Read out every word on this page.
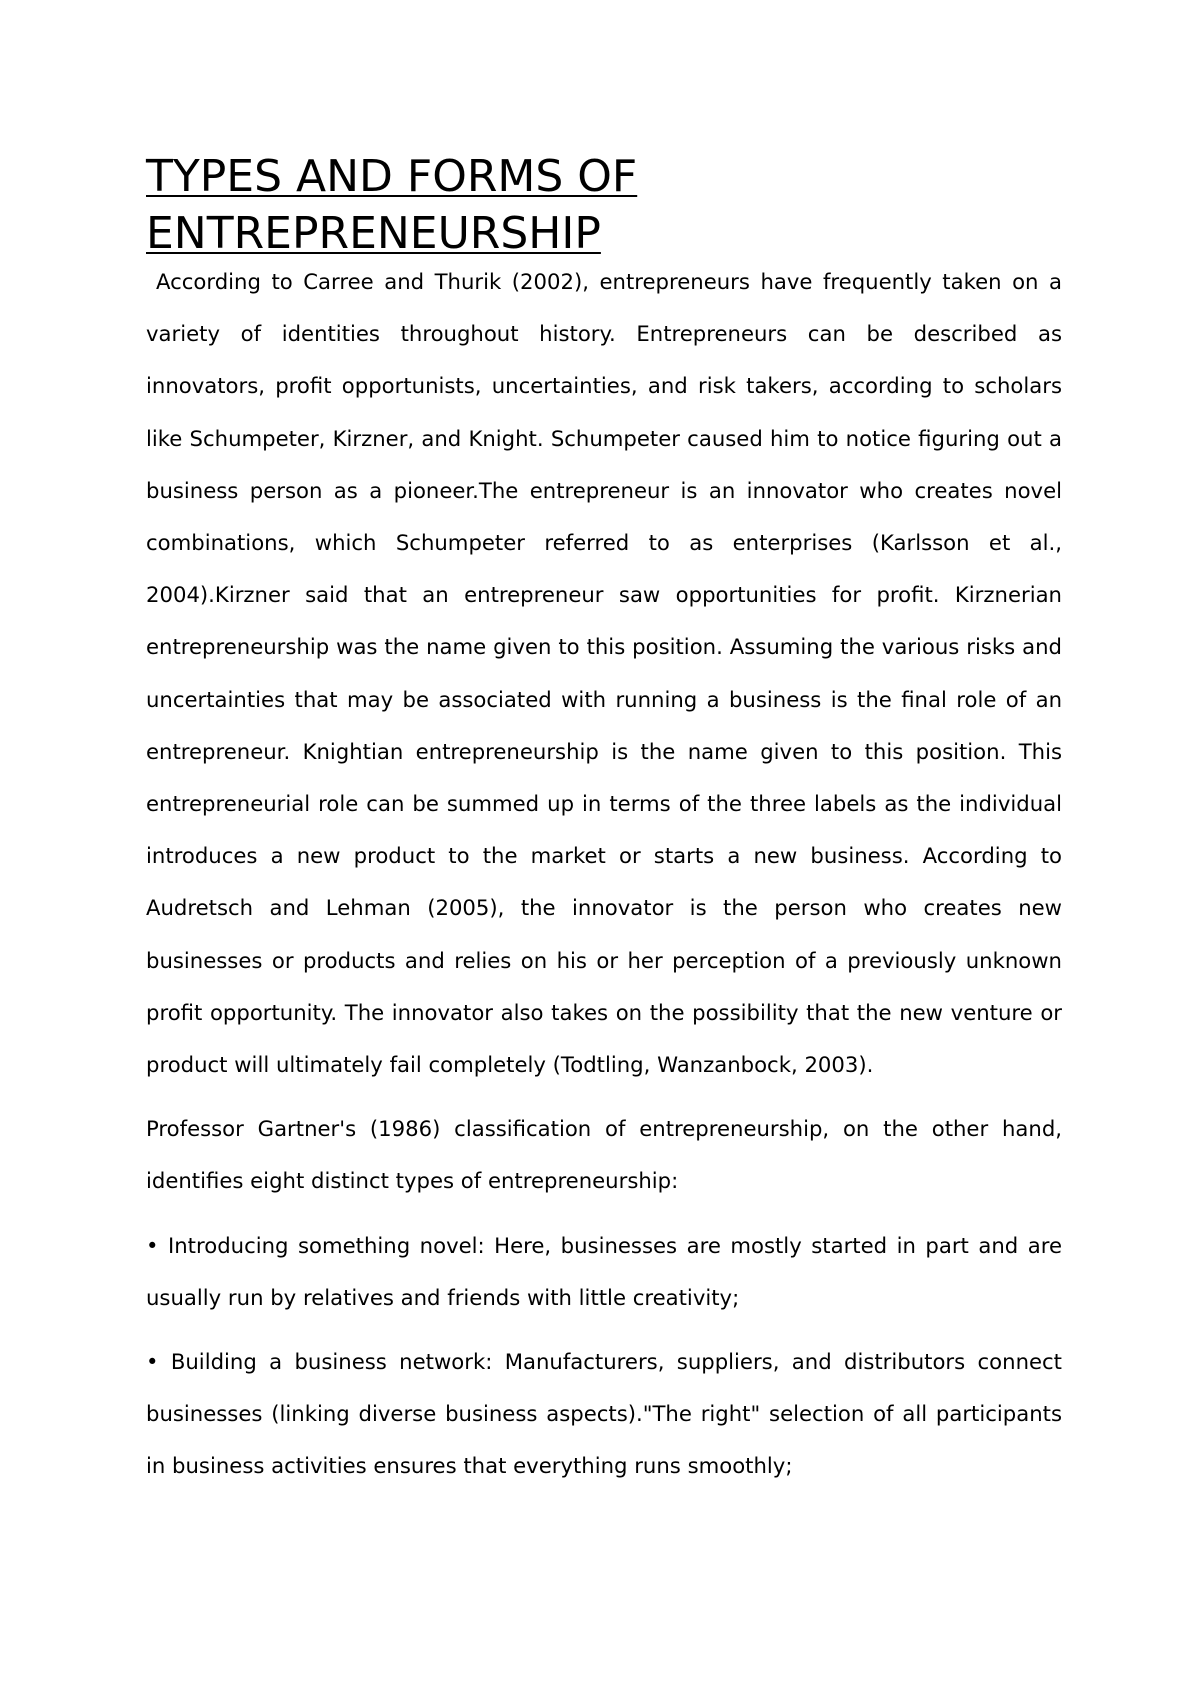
TYPES AND FORMS OF
ENTREPRENEURSHIP

According to Carree and Thurik (2002), entrepreneurs have frequently taken on a variety of identities throughout history. Entrepreneurs can be described as innovators, profit opportunists, uncertainties, and risk takers, according to scholars like Schumpeter, Kirzner, and Knight. Schumpeter caused him to notice figuring out a business person as a pioneer.The entrepreneur is an innovator who creates novel combinations, which Schumpeter referred to as enterprises (Karlsson et al., 2004).Kirzner said that an entrepreneur saw opportunities for profit. Kirznerian entrepreneurship was the name given to this position. Assuming the various risks and uncertainties that may be associated with running a business is the final role of an entrepreneur. Knightian entrepreneurship is the name given to this position. This entrepreneurial role can be summed up in terms of the three labels as the individual introduces a new product to the market or starts a new business. According to Audretsch and Lehman (2005), the innovator is the person who creates new businesses or products and relies on his or her perception of a previously unknown profit opportunity. The innovator also takes on the possibility that the new venture or product will ultimately fail completely (Todtling, Wanzanbock, 2003).

Professor Gartner's (1986) classification of entrepreneurship, on the other hand, identifies eight distinct types of entrepreneurship:

• Introducing something novel: Here, businesses are mostly started in part and are usually run by relatives and friends with little creativity;

• Building a business network: Manufacturers, suppliers, and distributors connect businesses (linking diverse business aspects)."The right" selection of all participants in business activities ensures that everything runs smoothly;
